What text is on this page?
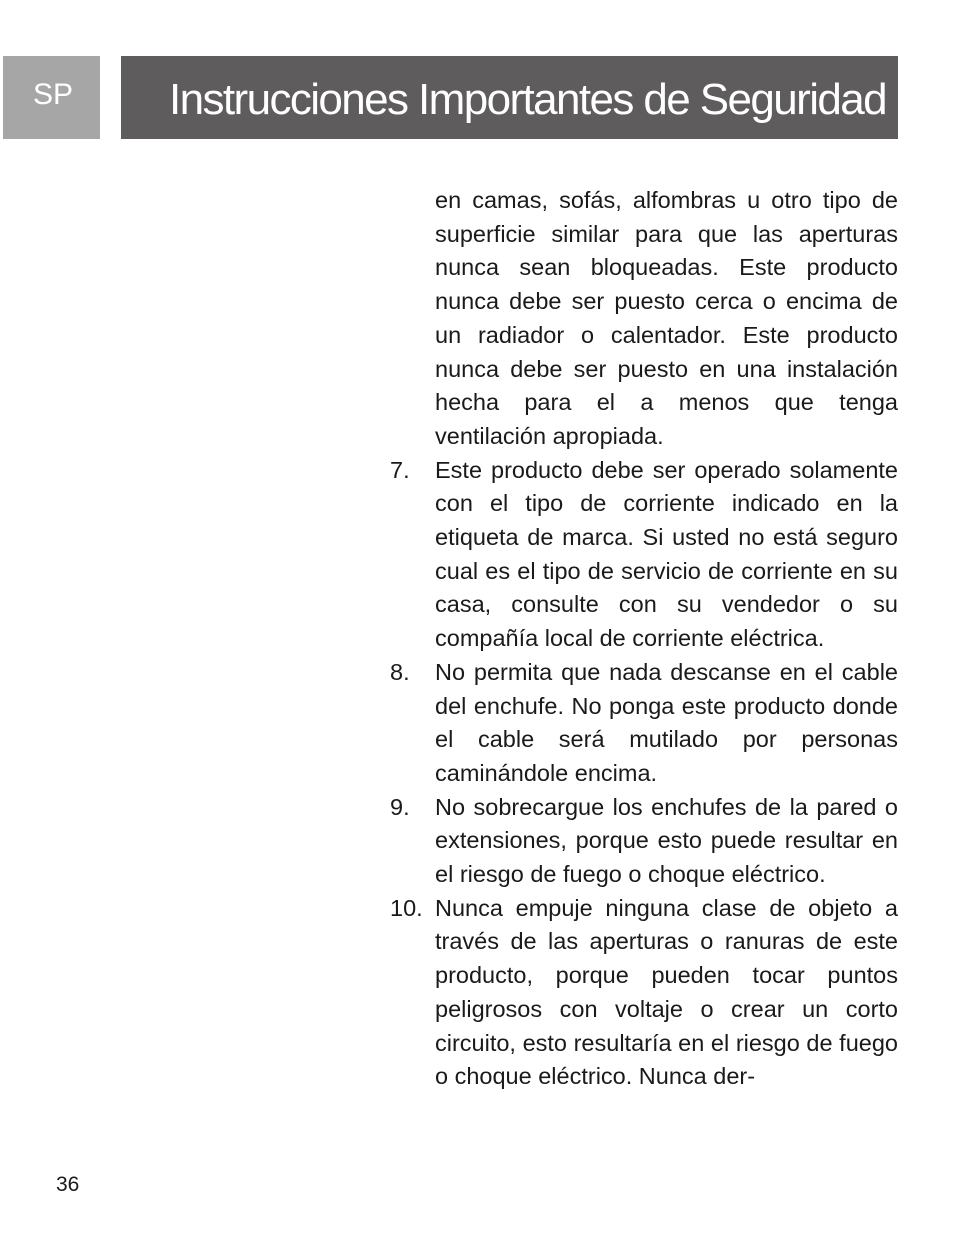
SP	Instrucciones Importantes de Seguridad

en camas, sofás, alfombras u otro tipo de superficie similar para que las aperturas nunca sean bloqueadas. Este producto nunca debe ser puesto cerca o encima de un radiador o calentador. Este producto nunca debe ser puesto en una instalación hecha para el a menos que tenga ventilación apropiada.

7.	Este producto debe ser operado solamente con el tipo de corriente indicado en la etiqueta de marca. Si usted no está seguro cual es el tipo de servicio de corriente en su casa, consulte con su vendedor o su compañía local de corriente eléctrica.
8.	No permita que nada descanse en el cable del enchufe. No ponga este producto donde el cable será mutilado por personas caminándole encima.
9.	No sobrecargue los enchufes de la pared o extensiones, porque esto puede resultar en el riesgo de fuego o choque eléctrico.
10. Nunca empuje ninguna clase de objeto a través de las aperturas o ranuras de este producto, porque pueden tocar puntos peligrosos con voltaje o crear un corto circuito, esto resultaría en el riesgo de fuego o choque eléctrico. Nunca der-
36
